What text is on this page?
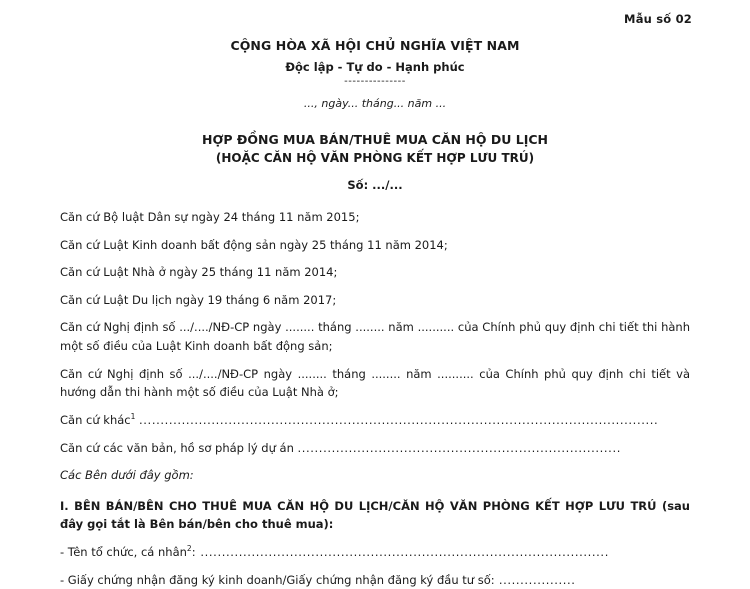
Mẫu số 02
CỘNG HÒA XÃ HỘI CHỦ NGHĨA VIỆT NAM
Độc lập - Tự do - Hạnh phúc
---------------
..., ngày... tháng... năm ...
HỢP ĐỒNG MUA BÁN/THUÊ MUA CĂN HỘ DU LỊCH
(HOẶC CĂN HỘ VĂN PHÒNG KẾT HỢP LƯU TRÚ)
Số: .../...

Căn cứ Bộ luật Dân sự ngày 24 tháng 11 năm 2015;

Căn cứ Luật Kinh doanh bất động sản ngày 25 tháng 11 năm 2014;

Căn cứ Luật Nhà ở ngày 25 tháng 11 năm 2014;

Căn cứ Luật Du lịch ngày 19 tháng 6 năm 2017;

Căn cứ Nghị định số .../..../NĐ-CP ngày ........ tháng ........ năm .......... của Chính phủ quy định chi tiết thi hành một số điều của Luật Kinh doanh bất động sản;

Căn cứ Nghị định số .../..../NĐ-CP ngày ........ tháng ........ năm .......... của Chính phủ quy định chi tiết và hướng dẫn thi hành một số điều của Luật Nhà ở;

Căn cứ khác$^1$ ..........................................................................................................................

Căn cứ các văn bản, hồ sơ pháp lý dự án ............................................................................

Các Bên dưới đây gồm:

I. BÊN BÁN/BÊN CHO THUÊ MUA CĂN HỘ DU LỊCH/CĂN HỘ VĂN PHÒNG KẾT HỢP LƯU TRÚ (sau đây gọi tắt là Bên bán/bên cho thuê mua):

- Tên tổ chức, cá nhân$^2$: ................................................................................................

- Giấy chứng nhận đăng ký kinh doanh/Giấy chứng nhận đăng ký đầu tư số: ..................
